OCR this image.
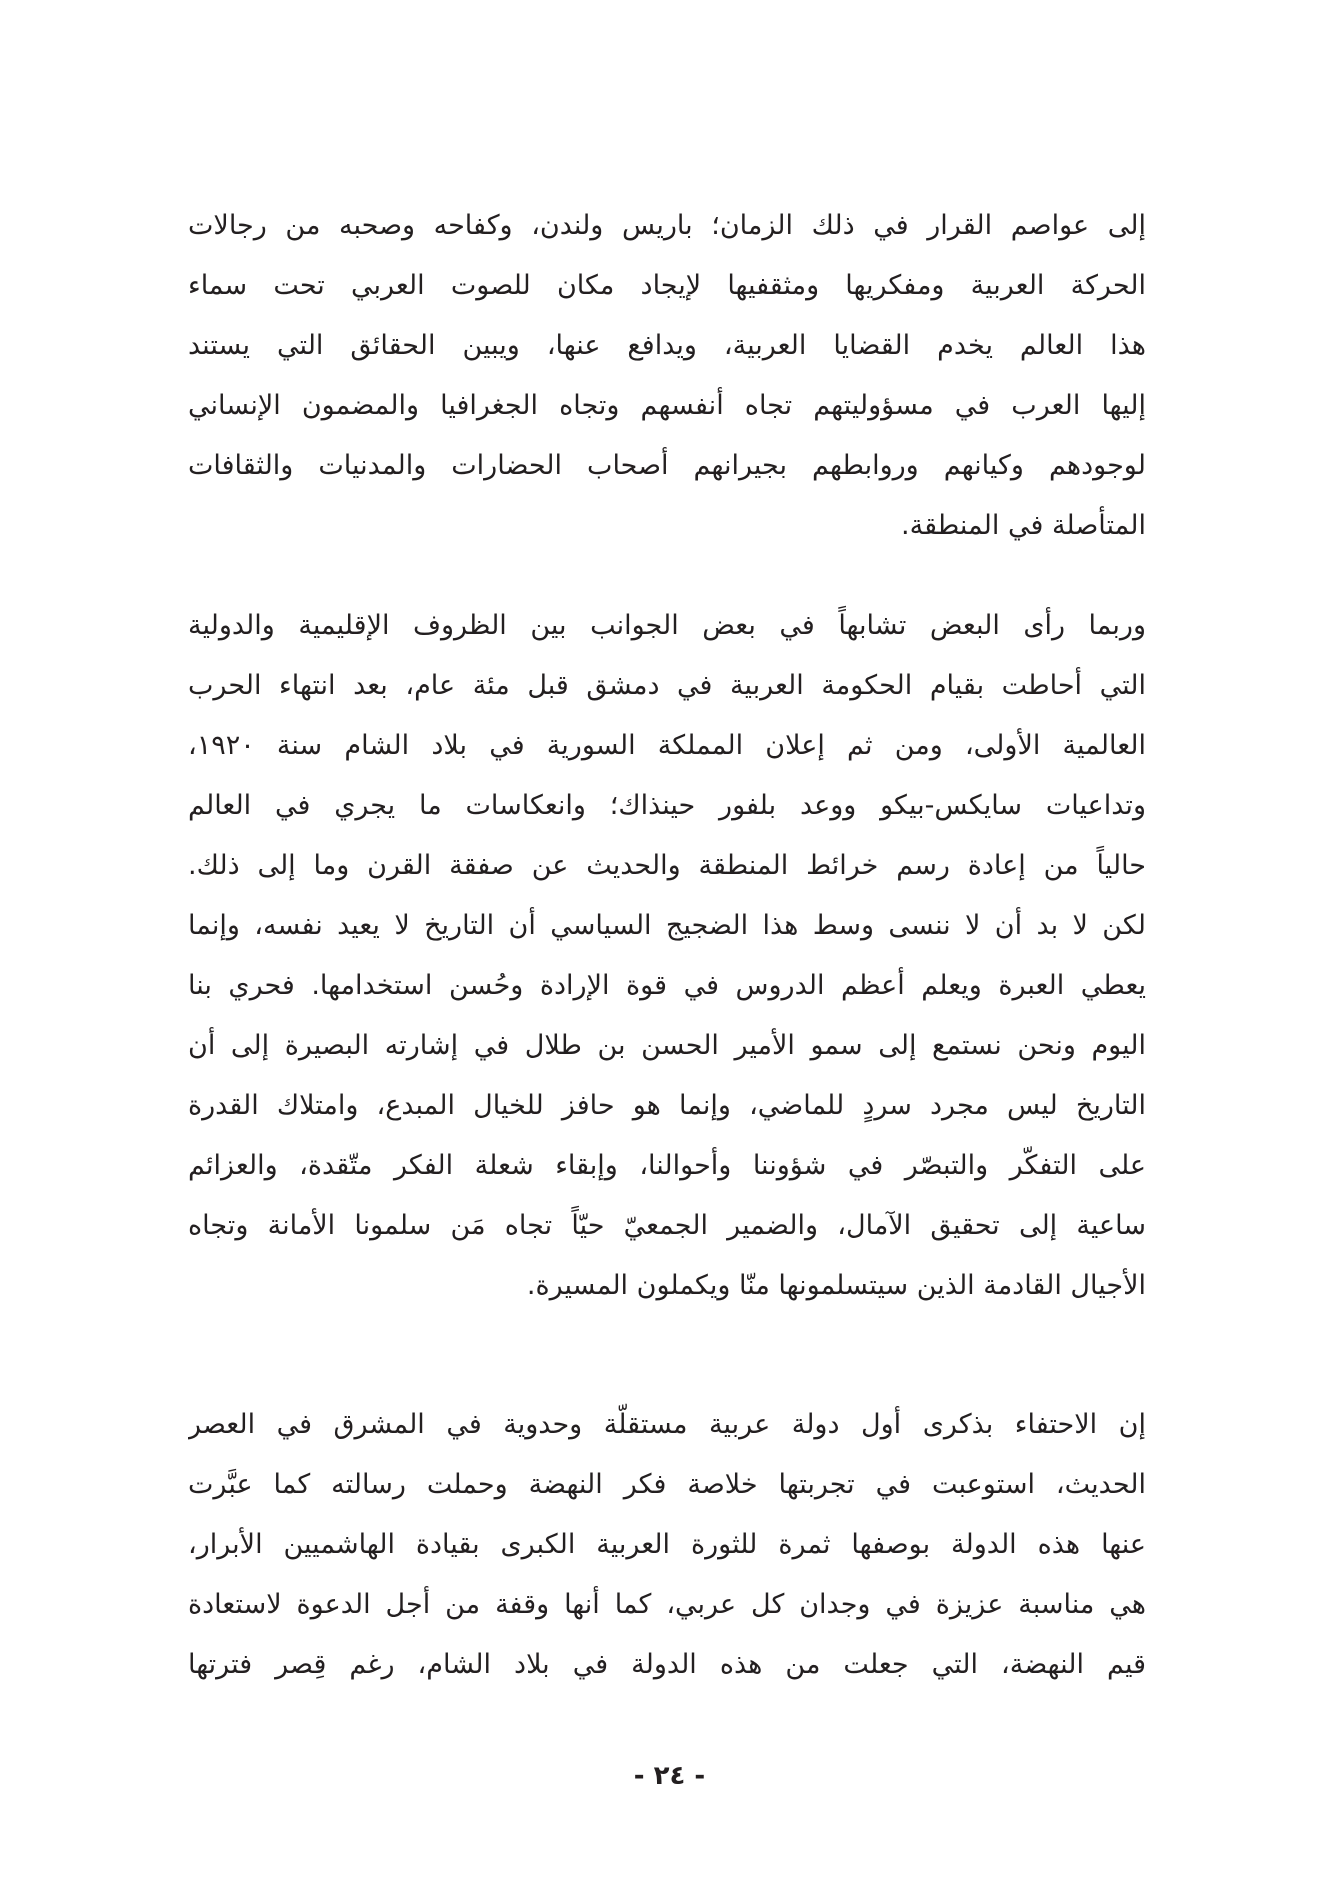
إلى عواصم القرار في ذلك الزمان؛ باريس ولندن، وكفاحه وصحبه من رجالات
الحركة العربية ومفكريها ومثقفيها لإيجاد مكان للصوت العربي تحت سماء
هذا العالم يخدم القضايا العربية، ويدافع عنها، ويبين الحقائق التي يستند
إليها العرب في مسؤوليتهم تجاه أنفسهم وتجاه الجغرافيا والمضمون الإنساني
لوجودهم وكيانهم وروابطهم بجيرانهم أصحاب الحضارات والمدنيات والثقافات
المتأصلة في المنطقة.
وربما رأى البعض تشابهاً في بعض الجوانب بين الظروف الإقليمية والدولية
التي أحاطت بقيام الحكومة العربية في دمشق قبل مئة عام، بعد انتهاء الحرب
العالمية الأولى، ومن ثم إعلان المملكة السورية في بلاد الشام سنة ١٩٢٠،
وتداعيات سايكس-بيكو ووعد بلفور حينذاك؛ وانعكاسات ما يجري في العالم
حالياً من إعادة رسم خرائط المنطقة والحديث عن صفقة القرن وما إلى ذلك.
لكن لا بد أن لا ننسى وسط هذا الضجيج السياسي أن التاريخ لا يعيد نفسه، وإنما
يعطي العبرة ويعلم أعظم الدروس في قوة الإرادة وحُسن استخدامها. فحري بنا
اليوم ونحن نستمع إلى سمو الأمير الحسن بن طلال في إشارته البصيرة إلى أن
التاريخ ليس مجرد سردٍ للماضي، وإنما هو حافز للخيال المبدع، وامتلاك القدرة
على التفكّر والتبصّر في شؤوننا وأحوالنا، وإبقاء شعلة الفكر متّقدة، والعزائم
ساعية إلى تحقيق الآمال، والضمير الجمعيّ حيّاً تجاه مَن سلمونا الأمانة وتجاه
الأجيال القادمة الذين سيتسلمونها منّا ويكملون المسيرة.
إن الاحتفاء بذكرى أول دولة عربية مستقلّة وحدوية في المشرق في العصر
الحديث، استوعبت في تجربتها خلاصة فكر النهضة وحملت رسالته كما عبَّرت
عنها هذه الدولة بوصفها ثمرة للثورة العربية الكبرى بقيادة الهاشميين الأبرار،
هي مناسبة عزيزة في وجدان كل عربي، كما أنها وقفة من أجل الدعوة لاستعادة
قيم النهضة، التي جعلت من هذه الدولة في بلاد الشام، رغم قِصر فترتها
- ٢٤ -
